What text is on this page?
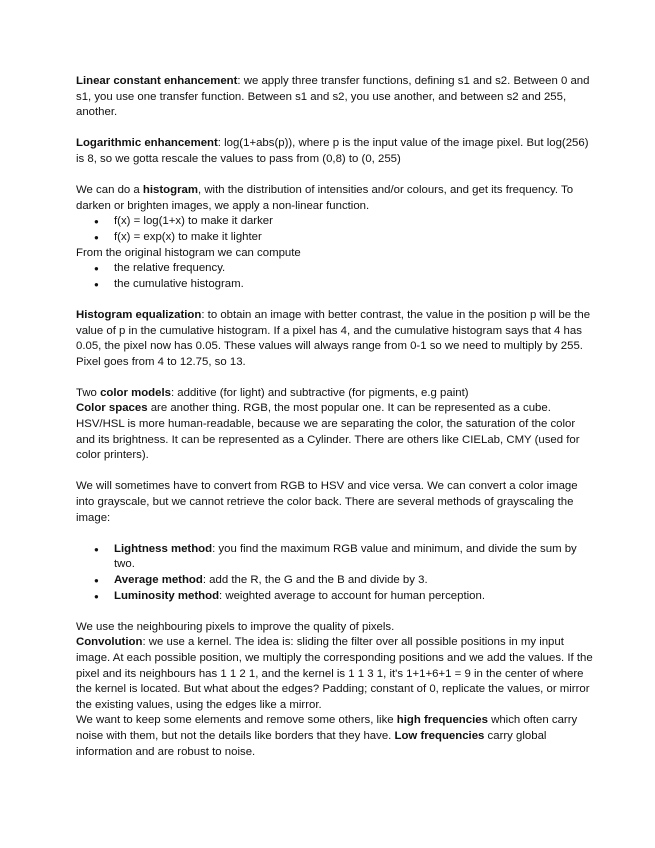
Linear constant enhancement: we apply three transfer functions, defining s1 and s2. Between 0 and s1, you use one transfer function. Between s1 and s2, you use another, and between s2 and 255, another.

Logarithmic enhancement: log(1+abs(p)), where p is the input value of the image pixel. But log(256) is 8, so we gotta rescale the values to pass from (0,8) to (0, 255)

We can do a histogram, with the distribution of intensities and/or colours, and get its frequency. To darken or brighten images, we apply a non-linear function.

● f(x) = log(1+x) to make it darker
● f(x) = exp(x) to make it lighter

From the original histogram we can compute

● the relative frequency.
● the cumulative histogram.

Histogram equalization: to obtain an image with better contrast, the value in the position p will be the value of p in the cumulative histogram. If a pixel has 4, and the cumulative histogram says that 4 has 0.05, the pixel now has 0.05. These values will always range from 0-1 so we need to multiply by 255. Pixel goes from 4 to 12.75, so 13.

Two color models: additive (for light) and subtractive (for pigments, e.g paint)

Color spaces are another thing. RGB, the most popular one. It can be represented as a cube. HSV/HSL is more human-readable, because we are separating the color, the saturation of the color and its brightness. It can be represented as a Cylinder. There are others like CIELab, CMY (used for color printers).

We will sometimes have to convert from RGB to HSV and vice versa. We can convert a color image into grayscale, but we cannot retrieve the color back. There are several methods of grayscaling the image:

● Lightness method: you find the maximum RGB value and minimum, and divide the sum by two.
● Average method: add the R, the G and the B and divide by 3.
● Luminosity method: weighted average to account for human perception.

We use the neighbouring pixels to improve the quality of pixels.

Convolution: we use a kernel. The idea is: sliding the filter over all possible positions in my input image. At each possible position, we multiply the corresponding positions and we add the values. If the pixel and its neighbours has 1 1 2 1, and the kernel is 1 1 3 1, it's 1+1+6+1 = 9 in the center of where the kernel is located. But what about the edges? Padding; constant of 0, replicate the values, or mirror the existing values, using the edges like a mirror.

We want to keep some elements and remove some others, like high frequencies which often carry noise with them, but not the details like borders that they have. Low frequencies carry global information and are robust to noise.
